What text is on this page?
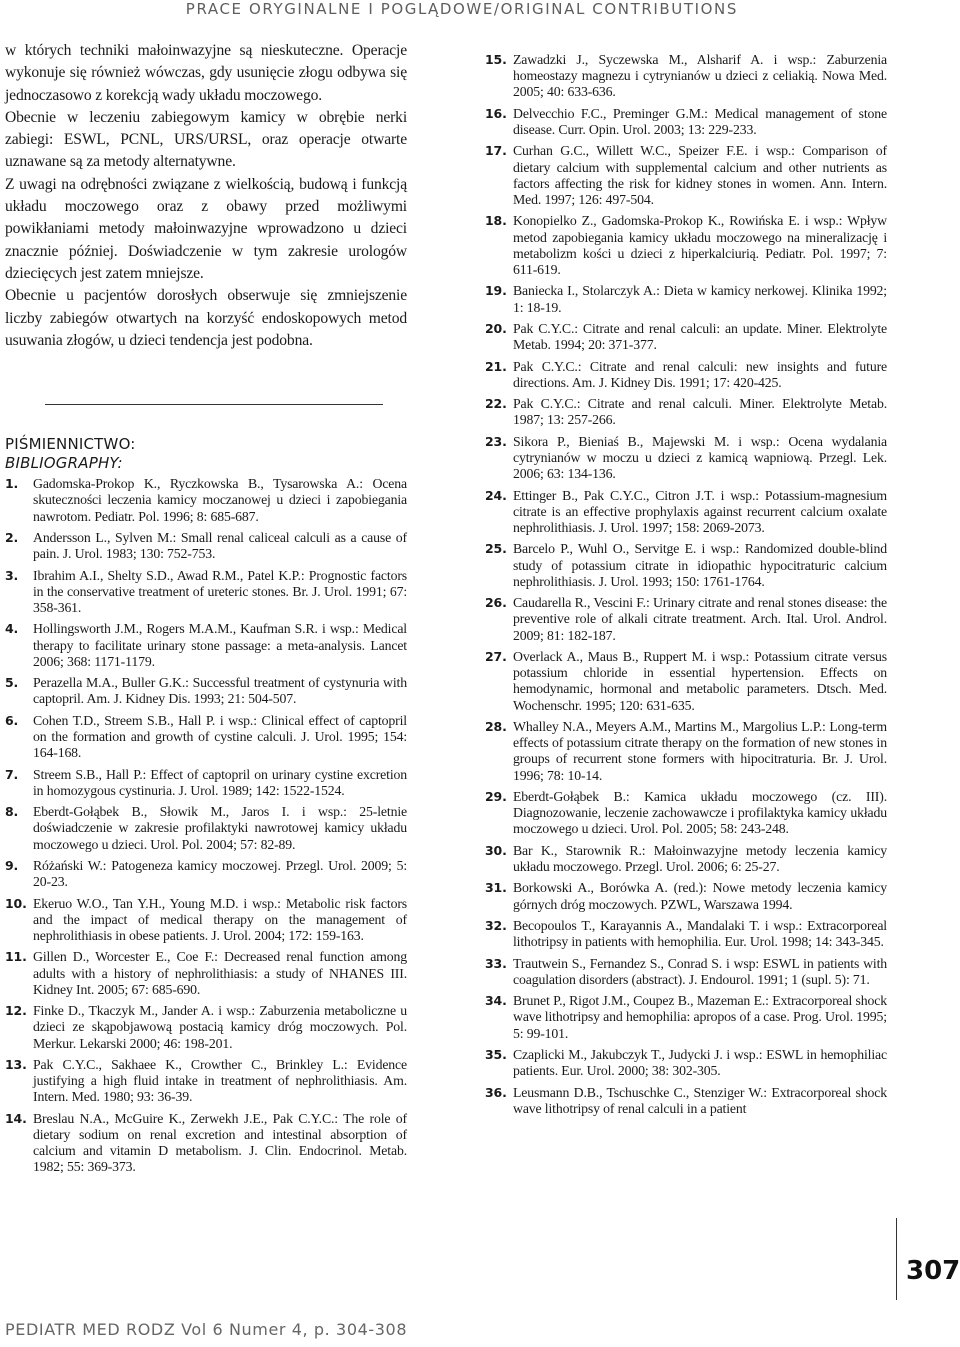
PRACE ORYGINALNE I POGLĄDOWE/ORIGINAL CONTRIBUTIONS

w których techniki małoinwazyjne są nieskuteczne. Operacje wykonuje się również wówczas, gdy usunięcie złogu odbywa się jednoczasowo z korekcją wady układu moczowego.

Obecnie w leczeniu zabiegowym kamicy w obrębie nerki zabiegi: ESWL, PCNL, URS/URSL, oraz operacje otwarte uznawane są za metody alternatywne.

Z uwagi na odrębności związane z wielkością, budową i funkcją układu moczowego oraz z obawy przed możliwymi powikłaniami metody małoinwazyjne wprowadzono u dzieci znacznie później. Doświadczenie w tym zakresie urologów dziecięcych jest zatem mniejsze.

Obecnie u pacjentów dorosłych obserwuje się zmniejszenie liczby zabiegów otwartych na korzyść endoskopowych metod usuwania złogów, u dzieci tendencja jest podobna.

PIŚMIENNICTWO:
BIBLIOGRAPHY:
1.	Gadomska-Prokop K., Ryczkowska B., Tysarowska A.: Ocena skuteczności leczenia kamicy moczanowej u dzieci i zapobiegania nawrotom. Pediatr. Pol. 1996; 8: 685-687.
2.	Andersson L., Sylven M.: Small renal caliceal calculi as a cause of pain. J. Urol. 1983; 130: 752-753.
3.	Ibrahim A.I., Shelty S.D., Awad R.M., Patel K.P.: Prognostic factors in the conservative treatment of ureteric stones. Br. J. Urol. 1991; 67: 358-361.
4.	Hollingsworth J.M., Rogers M.A.M., Kaufman S.R. i wsp.: Medical therapy to facilitate urinary stone passage: a meta-analysis. Lancet 2006; 368: 1171-1179.
5.	Perazella M.A., Buller G.K.: Successful treatment of cystynuria with captopril. Am. J. Kidney Dis. 1993; 21: 504-507.
6.	Cohen T.D., Streem S.B., Hall P. i wsp.: Clinical effect of captopril on the formation and growth of cystine calculi. J. Urol. 1995; 154: 164-168.
7.	Streem S.B., Hall P.: Effect of captopril on urinary cystine excretion in homozygous cystinuria. J. Urol. 1989; 142: 1522-1524.
8.	Eberdt-Gołąbek B., Słowik M., Jaros I. i wsp.: 25-letnie doświadczenie w zakresie profilaktyki nawrotowej kamicy układu moczowego u dzieci. Urol. Pol. 2004; 57: 82-89.
9.	Różański W.: Patogeneza kamicy moczowej. Przegl. Urol. 2009; 5: 20-23.
10. Ekeruo W.O., Tan Y.H., Young M.D. i wsp.: Metabolic risk factors and the impact of medical therapy on the management of nephrolithiasis in obese patients. J. Urol. 2004; 172: 159-163.
11. Gillen D., Worcester E., Coe F.: Decreased renal function among adults with a history of nephrolithiasis: a study of NHANES III. Kidney Int. 2005; 67: 685-690.
12. Finke D., Tkaczyk M., Jander A. i wsp.: Zaburzenia metaboliczne u dzieci ze skąpobjawową postacią kamicy dróg moczowych. Pol. Merkur. Lekarski 2000; 46: 198-201.
13. Pak C.Y.C., Sakhaee K., Crowther C., Brinkley L.: Evidence justifying a high fluid intake in treatment of nephrolithiasis. Am. Intern. Med. 1980; 93: 36-39.
14. Breslau N.A., McGuire K., Zerwekh J.E., Pak C.Y.C.: The role of dietary sodium on renal excretion and intestinal absorption of calcium and vitamin D metabolism. J. Clin. Endocrinol. Metab. 1982; 55: 369-373.
15. Zawadzki J., Syczewska M., Alsharif A. i wsp.: Zaburzenia homeostazy magnezu i cytrynianów u dzieci z celiakią. Nowa Med. 2005; 40: 633-636.
16. Delvecchio F.C., Preminger G.M.: Medical management of stone disease. Curr. Opin. Urol. 2003; 13: 229-233.
17. Curhan G.C., Willett W.C., Speizer F.E. i wsp.: Comparison of dietary calcium with supplemental calcium and other nutrients as factors affecting the risk for kidney stones in women. Ann. Intern. Med. 1997; 126: 497-504.
18. Konopielko Z., Gadomska-Prokop K., Rowińska E. i wsp.: Wpływ metod zapobiegania kamicy układu moczowego na mineralizację i metabolizm kości u dzieci z hiperkalciurią. Pediatr. Pol. 1997; 7: 611-619.
19. Baniecka I., Stolarczyk A.: Dieta w kamicy nerkowej. Klinika 1992; 1: 18-19.
20. Pak C.Y.C.: Citrate and renal calculi: an update. Miner. Elektrolyte Metab. 1994; 20: 371-377.
21. Pak C.Y.C.: Citrate and renal calculi: new insights and future directions. Am. J. Kidney Dis. 1991; 17: 420-425.
22. Pak C.Y.C.: Citrate and renal calculi. Miner. Elektrolyte Metab. 1987; 13: 257-266.
23. Sikora P., Bieniaś B., Majewski M. i wsp.: Ocena wydalania cytrynianów w moczu u dzieci z kamicą wapniową. Przegl. Lek. 2006; 63: 134-136.
24. Ettinger B., Pak C.Y.C., Citron J.T. i wsp.: Potassium-magnesium citrate is an effective prophylaxis against recurrent calcium oxalate nephrolithiasis. J. Urol. 1997; 158: 2069-2073.
25. Barcelo P., Wuhl O., Servitge E. i wsp.: Randomized double-blind study of potassium citrate in idiopathic hypocitraturic calcium nephrolithiasis. J. Urol. 1993; 150: 1761-1764.
26. Caudarella R., Vescini F.: Urinary citrate and renal stones disease: the preventive role of alkali citrate treatment. Arch. Ital. Urol. Androl. 2009; 81: 182-187.
27. Overlack A., Maus B., Ruppert M. i wsp.: Potassium citrate versus potassium chloride in essential hypertension. Effects on hemodynamic, hormonal and metabolic parameters. Dtsch. Med. Wochenschr. 1995; 120: 631-635.
28. Whalley N.A., Meyers A.M., Martins M., Margolius L.P.: Long-term effects of potassium citrate therapy on the formation of new stones in groups of recurrent stone formers with hipocitraturia. Br. J. Urol. 1996; 78: 10-14.
29. Eberdt-Gołąbek B.: Kamica układu moczowego (cz. III). Diagnozowanie, leczenie zachowawcze i profilaktyka kamicy układu moczowego u dzieci. Urol. Pol. 2005; 58: 243-248.
30. Bar K., Starownik R.: Małoinwazyjne metody leczenia kamicy układu moczowego. Przegl. Urol. 2006; 6: 25-27.
31. Borkowski A., Borówka A. (red.): Nowe metody leczenia kamicy górnych dróg moczowych. PZWL, Warszawa 1994.
32. Becopoulos T., Karayannis A., Mandalaki T. i wsp.: Extracorporeal lithotripsy in patients with hemophilia. Eur. Urol. 1998; 14: 343-345.
33. Trautwein S., Fernandez S., Conrad S. i wsp: ESWL in patients with coagulation disorders (abstract). J. Endourol. 1991; 1 (supl. 5): 71.
34. Brunet P., Rigot J.M., Coupez B., Mazeman E.: Extracorporeal shock wave lithotripsy and hemophilia: apropos of a case. Prog. Urol. 1995; 5: 99-101.
35. Czaplicki M., Jakubczyk T., Judycki J. i wsp.: ESWL in hemophiliac patients. Eur. Urol. 2000; 38: 302-305.
36. Leusmann D.B., Tschuschke C., Stenziger W.: Extracorporeal shock wave lithotripsy of renal calculi in a patient
307
PEDIATR MED RODZ Vol 6 Numer 4, p. 304-308
